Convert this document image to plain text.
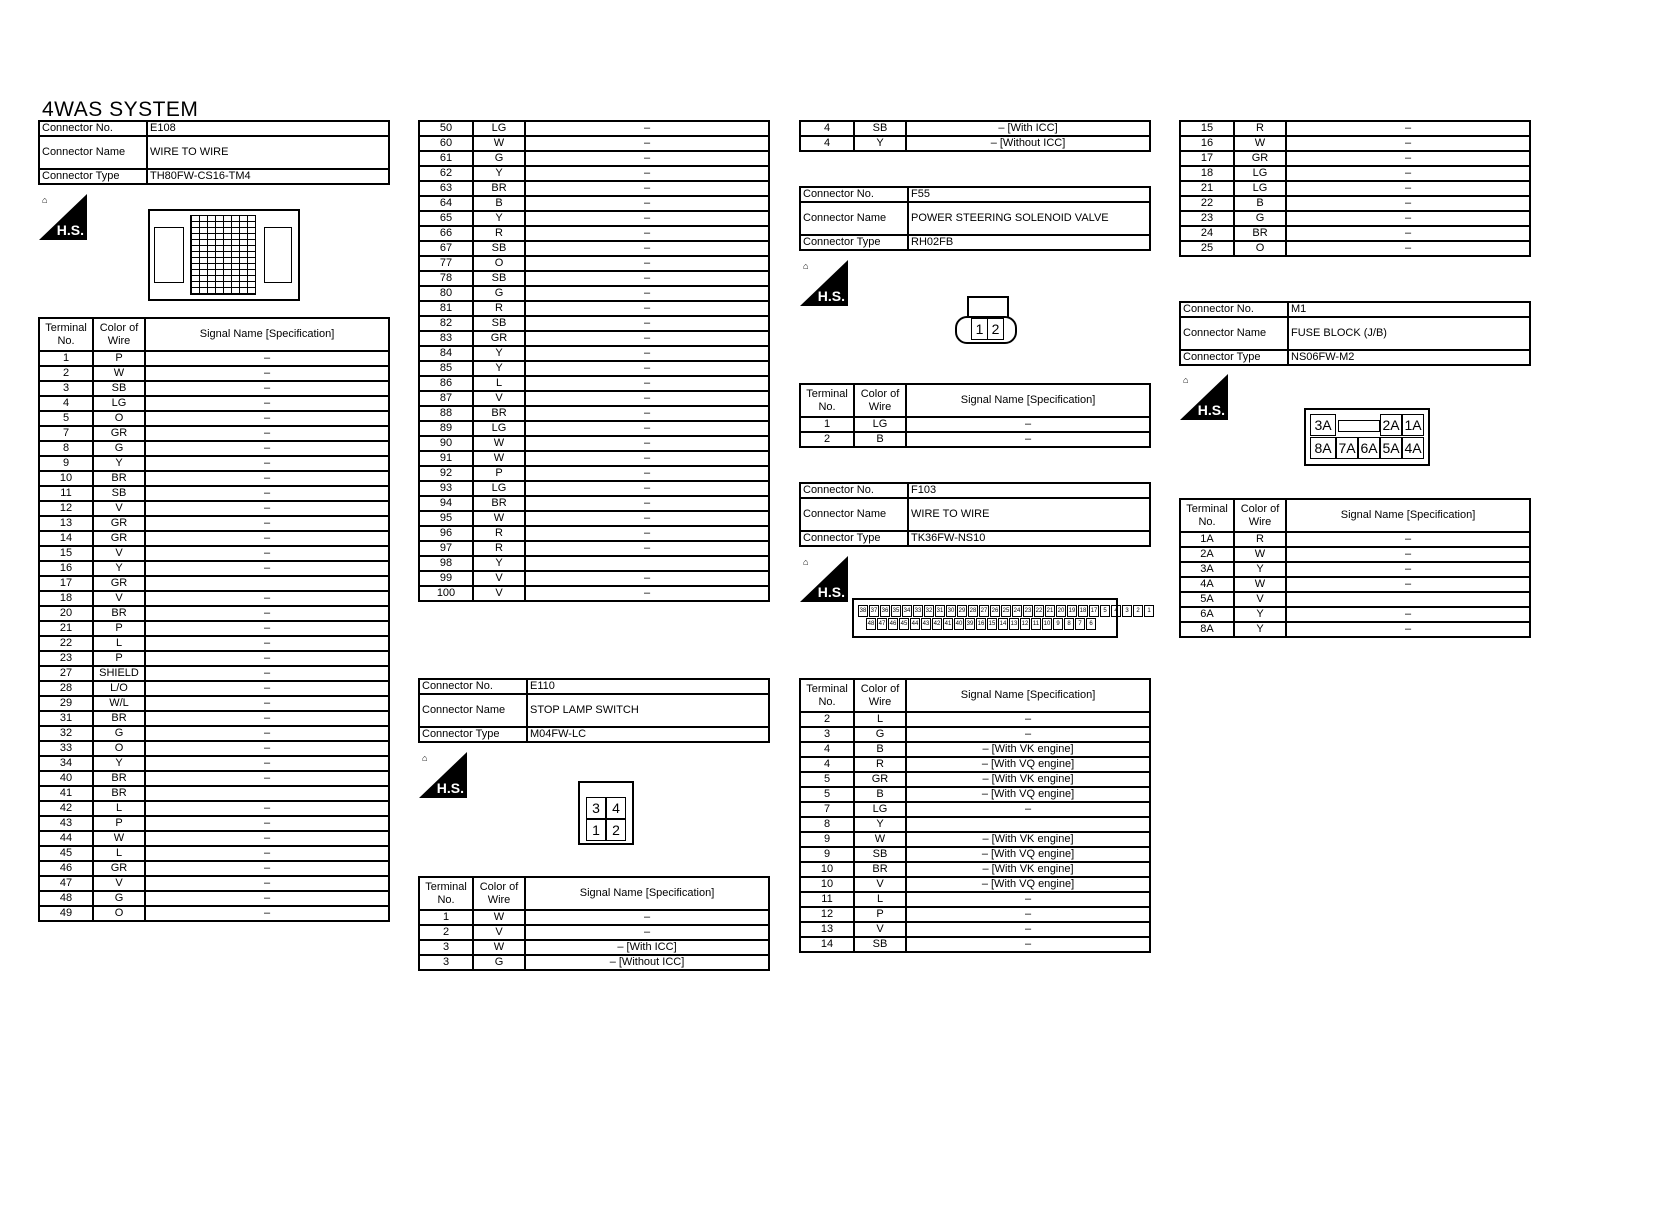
4WAS SYSTEM
Connector No.	E108
Connector Name	WIRE TO WIRE
Connector Type	TH80FW-CS16-TM4
⌂
H.S.
Terminal No.	Color of Wire	Signal Name [Specification]
1	P	–
2	W	–
3	SB	–
4	LG	–
5	O	–
7	GR	–
8	G	–
9	Y	–
10	BR	–
11	SB	–
12	V	–
13	GR	–
14	GR	–
15	V	–
16	Y	–
17	GR	
18	V	–
20	BR	–
21	P	–
22	L	–
23	P	–
27	SHIELD	–
28	L/O	–
29	W/L	–
31	BR	–
32	G	–
33	O	–
34	Y	–
40	BR	–
41	BR	
42	L	–
43	P	–
44	W	–
45	L	–
46	GR	–
47	V	–
48	G	–
49	O	–
50	LG	–
60	W	–
61	G	–
62	Y	–
63	BR	–
64	B	–
65	Y	–
66	R	–
67	SB	–
77	O	–
78	SB	–
80	G	–
81	R	–
82	SB	–
83	GR	–
84	Y	–
85	Y	–
86	L	–
87	V	–
88	BR	–
89	LG	–
90	W	–
91	W	–
92	P	–
93	LG	–
94	BR	–
95	W	–
96	R	–
97	R	–
98	Y	
99	V	–
100	V	–
Connector No.	E110
Connector Name	STOP LAMP SWITCH
Connector Type	M04FW-LC
⌂
H.S.
3 4
1 2
Terminal No.	Color of Wire	Signal Name [Specification]
1	W	–
2	V	–
3	W	– [With ICC]
3	G	– [Without ICC]
4	SB	– [With ICC]
4	Y	– [Without ICC]
Connector No.	F55
Connector Name	POWER STEERING SOLENOID VALVE
Connector Type	RH02FB
⌂
H.S.
1 2
Terminal No.	Color of Wire	Signal Name [Specification]
1	LG	–
2	B	–
Connector No.	F103
Connector Name	WIRE TO WIRE
Connector Type	TK36FW-NS10
⌂
H.S.
38 37 36 35 34 33 32 31 30 29 28 27 26 25 24 23 22 21 20 19 18 17 5	4	3	2	1
48 47 46 45 44 43 42 41 40 39 16 15 14 13 12 11 10 9	8	7	6
Terminal No.	Color of Wire	Signal Name [Specification]
2	L	–
3	G	–
4	B	– [With VK engine]
4	R	– [With VQ engine]
5	GR	– [With VK engine]
5	B	– [With VQ engine]
7	LG	–
8	Y	
9	W	– [With VK engine]
9	SB	– [With VQ engine]
10	BR	– [With VK engine]
10	V	– [With VQ engine]
11	L	–
12	P	–
13	V	–
14	SB	–
15	R	–
16	W	–
17	GR	–
18	LG	–
21	LG	–
22	B	–
23	G	–
24	BR	–
25	O	–
Connector No.	M1
Connector Name	FUSE BLOCK (J/B)
Connector Type	NS06FW-M2
⌂
H.S.
3A	2A 1A
8A 7A 6A 5A 4A
Terminal No.	Color of Wire	Signal Name [Specification]
1A	R	–
2A	W	–
3A	Y	–
4A	W	–
5A	V	
6A	Y	–
8A	Y	–
